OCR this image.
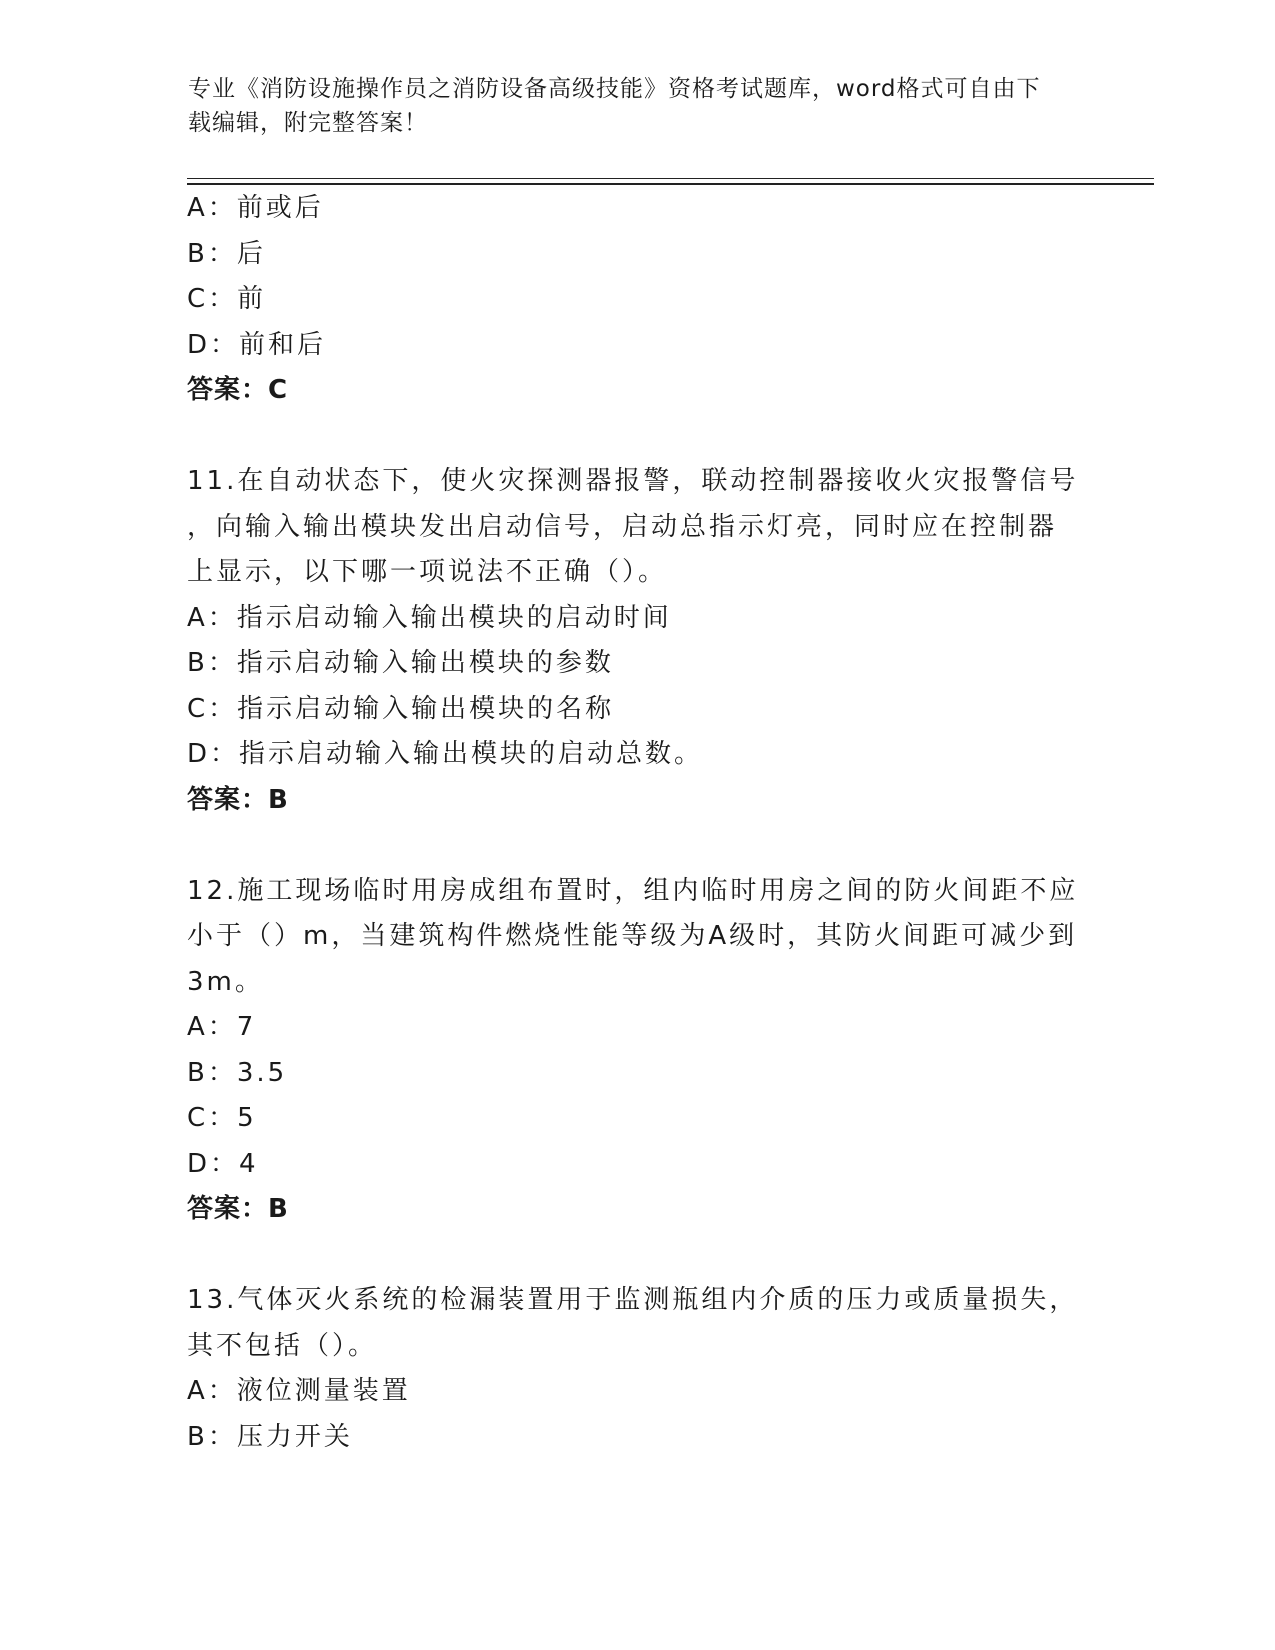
专业《消防设施操作员之消防设备高级技能》资格考试题库，word格式可自由下
载编辑，附完整答案！
A：前或后
B：后
C：前
D：前和后
答案：C
11.在自动状态下，使火灾探测器报警，联动控制器接收火灾报警信号
，向输入输出模块发出启动信号，启动总指示灯亮，同时应在控制器
上显示，以下哪一项说法不正确（）。
A：指示启动输入输出模块的启动时间
B：指示启动输入输出模块的参数
C：指示启动输入输出模块的名称
D：指示启动输入输出模块的启动总数。
答案：B
12.施工现场临时用房成组布置时，组内临时用房之间的防火间距不应
小于（）m，当建筑构件燃烧性能等级为A级时，其防火间距可减少到
3m。
A：7
B：3.5
C：5
D：4
答案：B
13.气体灭火系统的检漏装置用于监测瓶组内介质的压力或质量损失，
其不包括（）。
A：液位测量装置
B：压力开关
